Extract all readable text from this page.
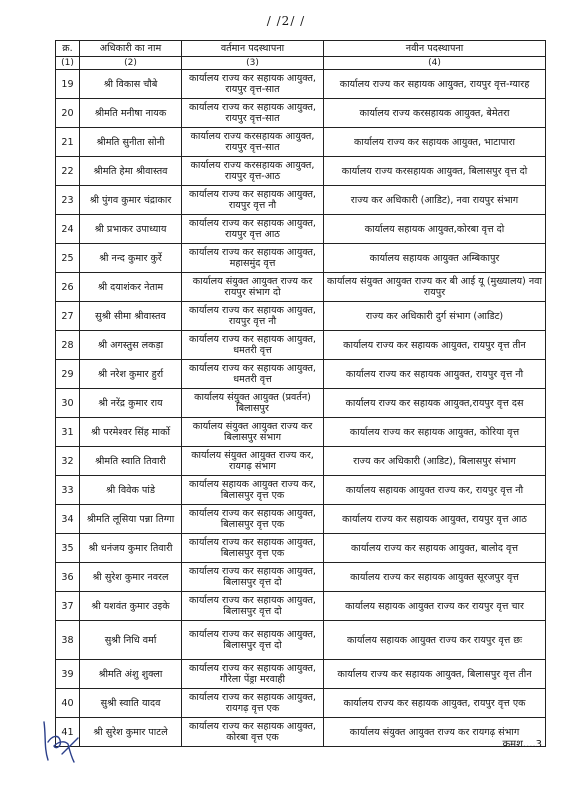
/ /2/ /
क्र.	अधिकारी का नाम	वर्तमान पदस्थापना	नवीन पदस्थापना
(1)	(2)	(3)	(4)
19	श्री विकास चौबे	कार्यालय राज्य कर सहायक आयुक्त, रायपुर वृत्त-सात	कार्यालय राज्य कर सहायक आयुक्त, रायपुर वृत्त-ग्यारह
20	श्रीमति मनीषा नायक	कार्यालय राज्य कर सहायक आयुक्त, रायपुर वृत्त-सात	कार्यालय राज्य करसहायक आयुक्त, बेमेतरा
21	श्रीमति सुनीता सोनी	कार्यालय राज्य करसहायक आयुक्त, रायपुर वृत्त-सात	कार्यालय राज्य कर सहायक आयुक्त, भाटापारा
22	श्रीमति हेमा श्रीवास्तव	कार्यालय राज्य करसहायक आयुक्त, रायपुर वृत्त-आठ	कार्यालय राज्य करसहायक आयुक्त, बिलासपुर वृत्त दो
23	श्री पुंगव कुमार चंद्राकार	कार्यालय राज्य कर सहायक आयुक्त, रायपुर वृत्त नौ	राज्य कर अधिकारी (आडिट), नवा रायपुर संभाग
24	श्री प्रभाकर उपाध्याय	कार्यालय राज्य कर सहायक आयुक्त, रायपुर वृत्त आठ	कार्यालय सहायक आयुक्त,कोरबा वृत्त दो
25	श्री नन्द कुमार कुर्रे	कार्यालय राज्य कर सहायक आयुक्त, महासमुंद वृत्त	कार्यालय सहायक आयुक्त अम्बिकापुर
26	श्री दयाशंकर नेताम	कार्यालय संयुक्त आयुक्त राज्य कर रायपुर संभाग दो	कार्यालय संयुक्त आयुक्त राज्य कर बी आई यू (मुख्यालय) नवा रायपुर
27	सुश्री सीमा श्रीवास्तव	कार्यालय राज्य कर सहायक आयुक्त, रायपुर वृत्त नौ	राज्य कर अधिकारी दुर्ग संभाग (आडिट)
28	श्री अगस्तुस लकड़ा	कार्यालय राज्य कर सहायक आयुक्त, धमतरी वृत्त	कार्यालय राज्य कर सहायक आयुक्त, रायपुर वृत्त तीन
29	श्री नरेश कुमार हुर्रा	कार्यालय राज्य कर सहायक आयुक्त, धमतरी वृत्त	कार्यालय राज्य कर सहायक आयुक्त, रायपुर वृत्त नौ
30	श्री नरेंद्र कुमार राय	कार्यालय संयुक्त आयुक्त (प्रवर्तन) बिलासपुर	कार्यालय राज्य कर सहायक आयुक्त,रायपुर वृत्त दस
31	श्री परमेश्वर सिंह मार्को	कार्यालय संयुक्त आयुक्त राज्य कर बिलासपुर संभाग	कार्यालय राज्य कर सहायक आयुक्त, कोरिया वृत्त
32	श्रीमति स्वाति तिवारी	कार्यालय संयुक्त आयुक्त राज्य कर, रायगढ़ संभाग	राज्य कर अधिकारी (आडिट), बिलासपुर संभाग
33	श्री विवेक पांडे	कार्यालय सहायक आयुक्त राज्य कर, बिलासपुर वृत्त एक	कार्यालय सहायक आयुक्त राज्य कर, रायपुर वृत्त नौ
34	श्रीमति लूसिया पन्ना तिग्गा	कार्यालय राज्य कर सहायक आयुक्त, बिलासपुर वृत्त एक	कार्यालय राज्य कर सहायक आयुक्त, रायपुर वृत्त आठ
35	श्री धनंजय कुमार तिवारी	कार्यालय राज्य कर सहायक आयुक्त, बिलासपुर वृत्त एक	कार्यालय राज्य कर सहायक आयुक्त, बालोद वृत्त
36	श्री सुरेश कुमार नवरल	कार्यालय राज्य कर सहायक आयुक्त, बिलासपुर वृत्त दो	कार्यालय राज्य कर सहायक आयुक्त सूरजपुर वृत्त
37	श्री यशवंत कुमार उइके	कार्यालय राज्य कर सहायक आयुक्त, बिलासपुर वृत्त दो	कार्यालय सहायक आयुक्त राज्य कर रायपुर वृत्त चार
38	सुश्री निधि वर्मा	कार्यालय राज्य कर सहायक आयुक्त, बिलासपुर वृत्त दो	कार्यालय सहायक आयुक्त राज्य कर रायपुर वृत्त छः
39	श्रीमति अंशु शुक्ला	कार्यालय राज्य कर सहायक आयुक्त, गौरेला पेंड्रा मरवाही	कार्यालय राज्य कर सहायक आयुक्त, बिलासपुर वृत्त तीन
40	सुश्री स्वाति यादव	कार्यालय राज्य कर सहायक आयुक्त, रायगढ़ वृत्त एक	कार्यालय राज्य कर सहायक आयुक्त, रायपुर वृत्त एक
41	श्री सुरेश कुमार पाटले	कार्यालय राज्य कर सहायक आयुक्त, कोरबा वृत्त एक	कार्यालय संयुक्त आयुक्त राज्य कर रायगढ़ संभाग
क्रमश....3
